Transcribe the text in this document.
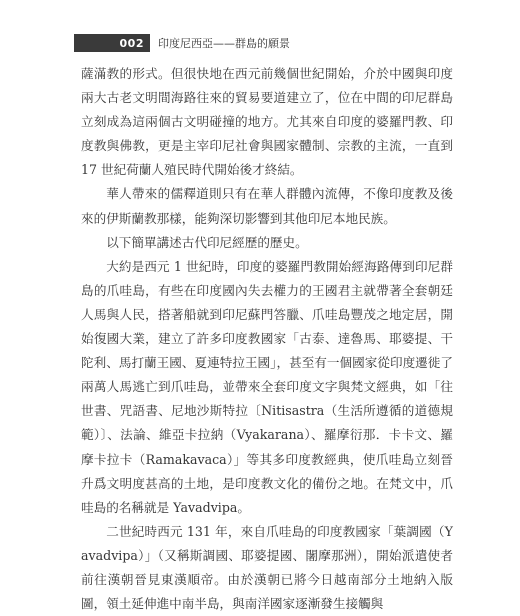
002 印度尼西亞——群島的願景

薩滿教的形式。但很快地在西元前幾個世紀開始，介於中國與印度兩大古老文明間海路往來的貿易要道建立了，位在中間的印尼群島立刻成為這兩個古文明碰撞的地方。尤其來自印度的婆羅門教、印度教與佛教，更是主宰印尼社會與國家體制、宗教的主流，一直到 17 世紀荷蘭人殖民時代開始後才終結。

華人帶來的儒釋道則只有在華人群體內流傳，不像印度教及後來的伊斯蘭教那樣，能夠深切影響到其他印尼本地民族。

以下簡單講述古代印尼經歷的歷史。

大約是西元 1 世紀時，印度的婆羅門教開始經海路傳到印尼群島的爪哇島，有些在印度國內失去權力的王國君主就帶著全套朝廷人馬與人民，搭著船就到印尼蘇門答臘、爪哇島豐茂之地定居，開始復國大業，建立了許多印度教國家「古泰、達魯馬、耶婆提、干陀利、馬打蘭王國、夏連特拉王國」，甚至有一個國家從印度遷徙了兩萬人馬逃亡到爪哇島，並帶來全套印度文字與梵文經典，如「往世書、咒語書、尼地沙斯特拉〔Nitisastra（生活所遵循的道德規範）〕、法論、維亞卡拉納（Vyakarana）、羅摩衍那．卡卡文、羅摩卡拉卡（Ramakavaca）」等其多印度教經典，使爪哇島立刻晉升爲文明度甚高的土地，是印度教文化的備份之地。在梵文中，爪哇島的名稱就是 Yavadvipa。

二世紀時西元 131 年，來自爪哇島的印度教國家「葉調國（Yavadvipa）」（又稱斯調國、耶婆提國、闍摩那洲），開始派遣使者前往漢朝晉見東漢順帝。由於漢朝已將今日越南部分土地納入版圖，領土延伸進中南半島，與南洋國家逐漸發生接觸與
